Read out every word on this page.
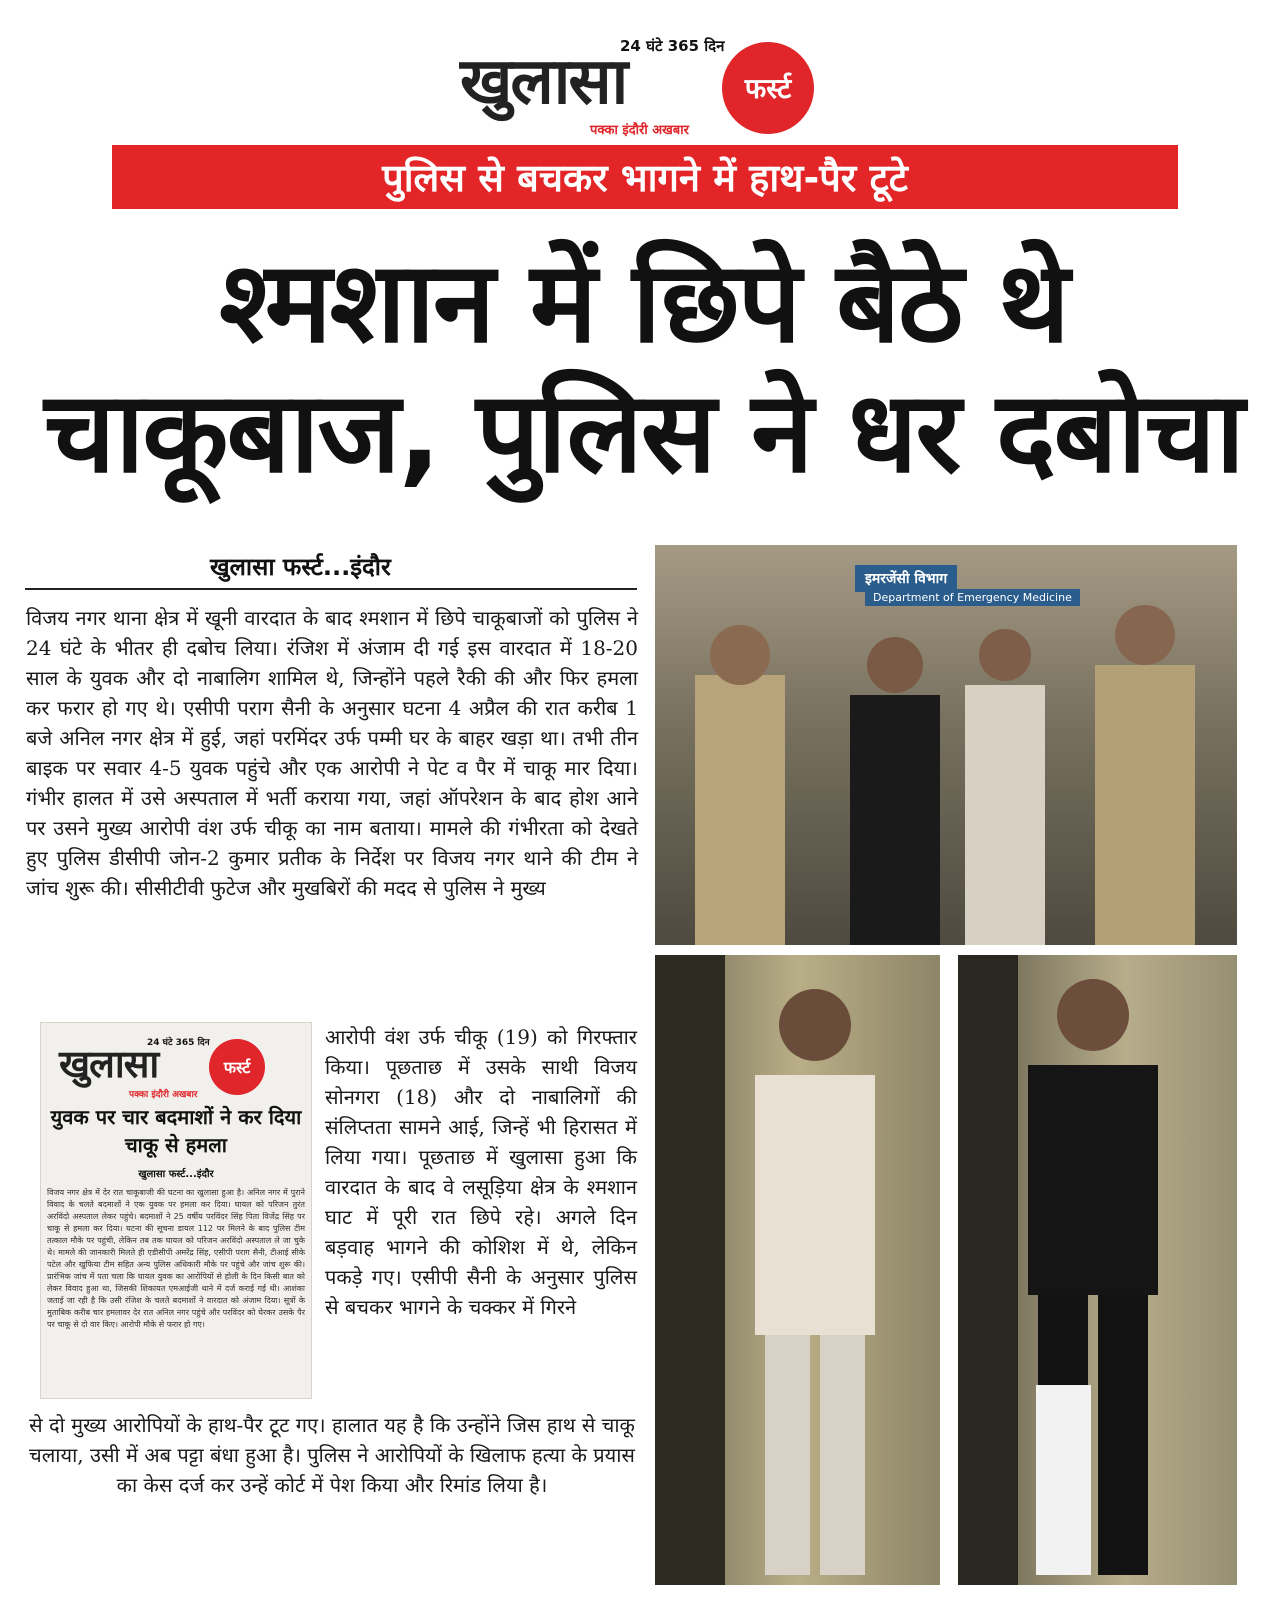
24 घंटे 365 दिन
खुलासा	फर्स्ट
पक्का इंदौरी अखबार
पुलिस से बचकर भागने में हाथ-पैर टूटे
श्मशान में छिपे बैठे थे
चाकूबाज, पुलिस ने धर दबोचा
खुलासा फर्स्ट...इंदौर

विजय नगर थाना क्षेत्र में खूनी वारदात के बाद श्मशान में छिपे चाकूबाजों को पुलिस ने 24 घंटे के भीतर ही दबोच लिया। रंजिश में अंजाम दी गई इस वारदात में 18-20 साल के युवक और दो नाबालिग शामिल थे, जिन्होंने पहले रैकी की और फिर हमला कर फरार हो गए थे। एसीपी पराग सैनी के अनुसार घटना 4 अप्रैल की रात करीब 1 बजे अनिल नगर क्षेत्र में हुई, जहां परमिंदर उर्फ पम्मी घर के बाहर खड़ा था। तभी तीन बाइक पर सवार 4-5 युवक पहुंचे और एक आरोपी ने पेट व पैर में चाकू मार दिया। गंभीर हालत में उसे अस्पताल में भर्ती कराया गया, जहां ऑपरेशन के बाद होश आने पर उसने मुख्य आरोपी वंश उर्फ चीकू का नाम बताया। मामले की गंभीरता को देखते हुए पुलिस डीसीपी जोन-2 कुमार प्रतीक के निर्देश पर विजय नगर थाने की टीम ने जांच शुरू की। सीसीटीवी फुटेज और मुखबिरों की मदद से पुलिस ने मुख्य

24 घंटे 365 दिन
खुलासा	फर्स्ट
पक्का इंदौरी अखबार
युवक पर चार बदमाशों ने कर दिया चाकू से हमला
खुलासा फर्स्ट...इंदौर
विजय नगर क्षेत्र में देर रात चाकूबाजी की घटना का खुलासा हुआ है। अनिल नगर में पुराने विवाद के चलते बदमाशों ने एक युवक पर हमला कर दिया। घायल को परिजन तुरंत अरविंदो अस्पताल लेकर पहुंचे। बदमाशों ने 25 वर्षीय परविंदर सिंह पिता विजेंद्र सिंह पर चाकू से हमला कर दिया। घटना की सूचना डायल 112 पर मिलने के बाद पुलिस टीम तत्काल मौके पर पहुंची, लेकिन तब तक घायल को परिजन अरविंदो अस्पताल ले जा चुके थे। मामले की जानकारी मिलते ही एडीसीपी अमरेंद्र सिंह, एसीपी पराग सैनी, टीआई सीके पटेल और खुफिया टीम सहित अन्य पुलिस अधिकारी मौके पर पहुंचे और जांच शुरू की। प्रारंभिक जांच में पता चला कि घायल युवक का आरोपियों से होली के दिन किसी बात को लेकर विवाद हुआ था, जिसकी शिकायत एमआईजी थाने में दर्ज कराई गई थी। आशंका जताई जा रही है कि उसी रंजिश के चलते बदमाशों ने वारदात को अंजाम दिया। सूत्रों के मुताबिक करीब चार हमलावर देर रात अनिल नगर पहुंचे और परविंदर को घेरकर उसके पैर पर चाकू से दो वार किए। आरोपी मौके से फरार हो गए।

आरोपी वंश उर्फ चीकू (19) को गिरफ्तार किया। पूछताछ में उसके साथी विजय सोनगरा (18) और दो नाबालिगों की संलिप्तता सामने आई, जिन्हें भी हिरासत में लिया गया। पूछताछ में खुलासा हुआ कि वारदात के बाद वे लसूड़िया क्षेत्र के श्मशान घाट में पूरी रात छिपे रहे। अगले दिन बड़वाह भागने की कोशिश में थे, लेकिन पकड़े गए। एसीपी सैनी के अनुसार पुलिस से बचकर भागने के चक्कर में गिरने

से दो मुख्य आरोपियों के हाथ-पैर टूट गए। हालात यह है कि उन्होंने जिस हाथ से चाकू चलाया, उसी में अब पट्टा बंधा हुआ है। पुलिस ने आरोपियों के खिलाफ हत्या के प्रयास का केस दर्ज कर उन्हें कोर्ट में पेश किया और रिमांड लिया है।

इमरजेंसी विभाग
Department of Emergency Medicine
